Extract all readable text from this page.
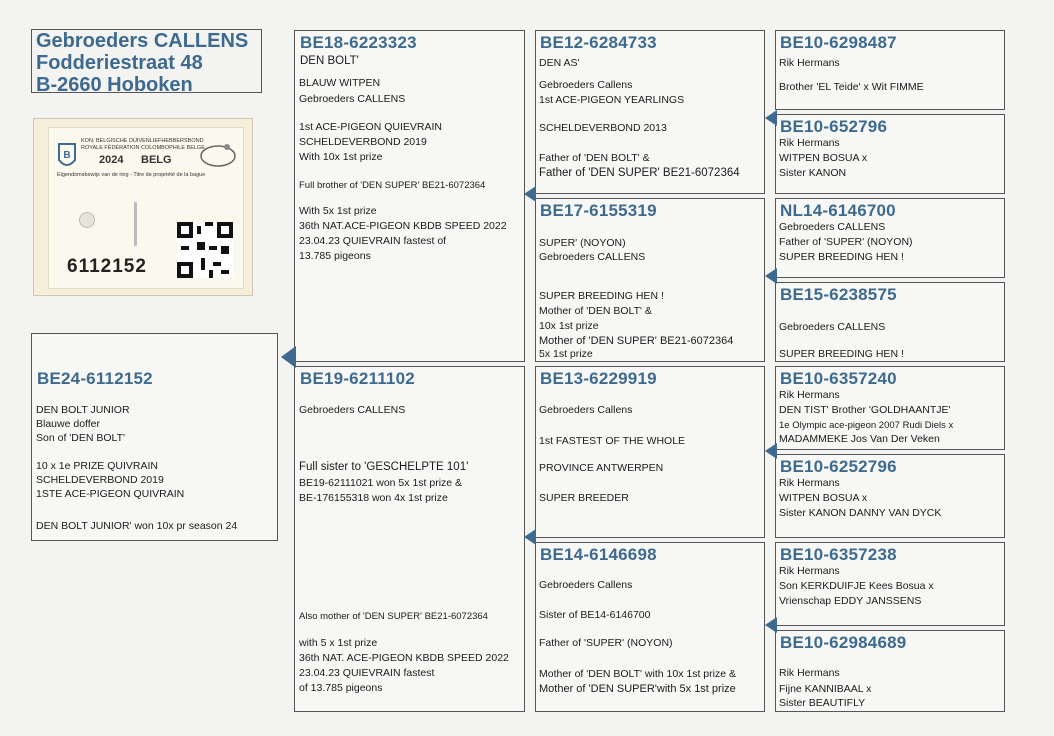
Gebroeders CALLENS
Fodderiestraat 48
B-2660 Hoboken
B
KON. BELGISCHE DUIVENLIEFHEBBERSBOND
ROYALE FÉDÉRATION COLOMBOPHILE BELGE
2024 BELG
Eigendomsbewijs van de ring - Titre de propriété de la bague
6112152
BE24-6112152
DEN BOLT JUNIOR
Blauwe doffer
Son of 'DEN BOLT'
10 x 1e PRIZE QUIVRAIN
SCHELDEVERBOND 2019
1STE ACE-PIGEON QUIVRAIN
DEN BOLT JUNIOR' won 10x pr season 24
BE18-6223323
DEN BOLT'
BLAUW WITPEN
Gebroeders CALLENS
1st ACE-PIGEON QUIEVRAIN
SCHELDEVERBOND 2019
With 10x 1st prize
Full brother of 'DEN SUPER' BE21-6072364
With 5x 1st prize
36th NAT.ACE-PIGEON KBDB SPEED 2022
23.04.23 QUIEVRAIN fastest of
13.785 pigeons
BE19-6211102
Gebroeders CALLENS
Full sister to 'GESCHELPTE 101'
BE19-62111021 won 5x 1st prize &
BE-176155318 won 4x 1st prize
Also mother of 'DEN SUPER' BE21-6072364
with 5 x 1st prize
36th NAT. ACE-PIGEON KBDB SPEED 2022
23.04.23 QUIEVRAIN fastest
of 13.785 pigeons
BE12-6284733
DEN AS'
Gebroeders Callens
1st ACE-PIGEON YEARLINGS
SCHELDEVERBOND 2013
Father of 'DEN BOLT' &
Father of 'DEN SUPER' BE21-6072364
BE17-6155319
SUPER' (NOYON)
Gebroeders CALLENS
SUPER BREEDING HEN !
Mother of 'DEN BOLT' &
10x 1st prize
Mother of 'DEN SUPER' BE21-6072364
5x 1st prize
BE13-6229919
Gebroeders Callens
1st FASTEST OF THE WHOLE
PROVINCE ANTWERPEN
SUPER BREEDER
BE14-6146698
Gebroeders Callens
Sister of BE14-6146700
Father of 'SUPER' (NOYON)
Mother of 'DEN BOLT' with 10x 1st prize &
Mother of 'DEN SUPER'with 5x 1st prize
BE10-6298487
Rik Hermans
Brother 'EL Teide' x Wit FIMME
BE10-652796
Rik Hermans
WITPEN BOSUA x
Sister KANON
NL14-6146700
Gebroeders CALLENS
Father of 'SUPER' (NOYON)
SUPER BREEDING HEN !
BE15-6238575
Gebroeders CALLENS
SUPER BREEDING HEN !
BE10-6357240
Rik Hermans
DEN TIST' Brother 'GOLDHAANTJE'
1e Olympic ace-pigeon 2007 Rudi Diels x
MADAMMEKE Jos Van Der Veken
BE10-6252796
Rik Hermans
WITPEN BOSUA x
Sister KANON DANNY VAN DYCK
BE10-6357238
Rik Hermans
Son KERKDUIFJE Kees Bosua x
Vrienschap EDDY JANSSENS
BE10-62984689
Rik Hermans
Fijne KANNIBAAL x
Sister BEAUTIFLY
